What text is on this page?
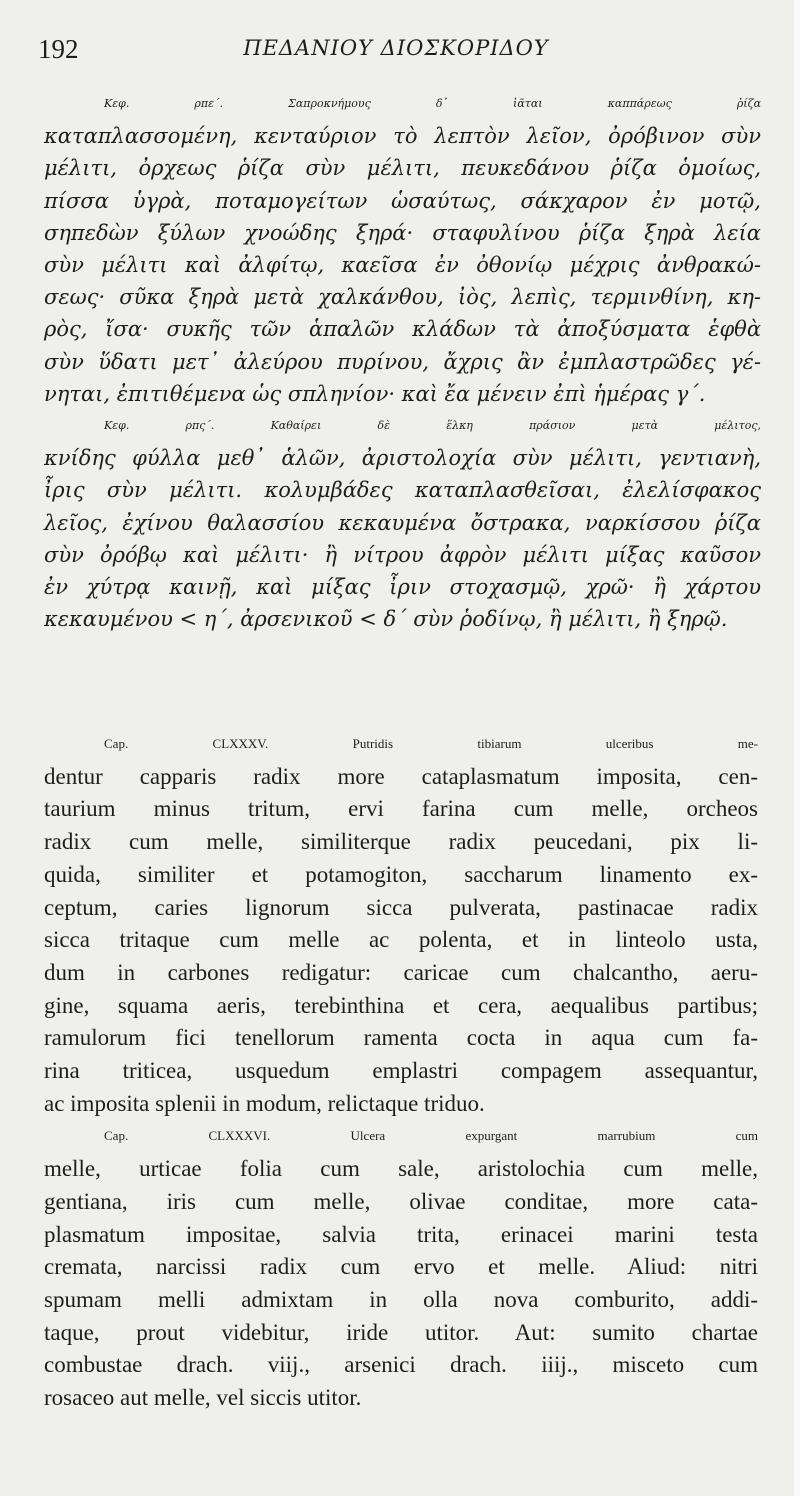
192	ΠΕΔΑΝΙΟΥ ΔΙΟΣΚΟΡΙΔΟΥ
Κεφ. ρπε΄. Σαπροκνήμους δ᾽ ἰᾶται καππάρεως ῥίζα
καταπλασσομένη, κενταύριον τὸ λεπτὸν λεῖον, ὀρόβινον σὺν
μέλιτι, ὀρχεως ῥίζα σὺν μέλιτι, πευκεδάνου ῥίζα ὁμοίως,
πίσσα ὑγρὰ, ποταμογείτων ὡσαύτως, σάκχαρον ἐν μοτῷ,
σηπεδὼν ξύλων χνοώδης ξηρά· σταφυλίνου ῥίζα ξηρὰ λεία
σὺν μέλιτι καὶ ἀλφίτῳ, καεῖσα ἐν ὀθονίῳ μέχρις ἀνθρακώ-
σεως· σῦκα ξηρὰ μετὰ χαλκάνθου, ἰὸς, λεπὶς, τερμινθίνη, κη-
ρὸς, ἴσα· συκῆς τῶν ἁπαλῶν κλάδων τὰ ἀποξύσματα ἑφθὰ
σὺν ὕδατι μετ᾽ ἀλεύρου πυρίνου, ἄχρις ἂν ἐμπλαστρῶδες γέ-
νηται, ἐπιτιθέμενα ὡς σπληνίον· καὶ ἔα μένειν ἐπὶ ἡμέρας γ΄.
Κεφ. ρπς΄. Καθαίρει δὲ ἕλκη πράσιον μετὰ μέλιτος,
κνίδης φύλλα μεθ᾽ ἁλῶν, ἀριστολοχία σὺν μέλιτι, γεντιανὴ,
ἶρις σὺν μέλιτι. κολυμβάδες καταπλασθεῖσαι, ἐλελίσφακος
λεῖος, ἐχίνου θαλασσίου κεκαυμένα ὄστρακα, ναρκίσσου ῥίζα
σὺν ὀρόβῳ καὶ μέλιτι· ἢ νίτρου ἀφρὸν μέλιτι μίξας καῦσον
ἐν χύτρᾳ καινῇ, καὶ μίξας ἶριν στοχασμῷ, χρῶ· ἢ χάρτου
κεκαυμένου < η΄, ἀρσενικοῦ < δ΄ σὺν ῥοδίνῳ, ἢ μέλιτι, ἢ ξηρῷ.
Cap. CLXXXV. Putridis tibiarum ulceribus me-
dentur capparis radix more cataplasmatum imposita, cen-
taurium minus tritum, ervi farina cum melle, orcheos
radix cum melle, similiterque radix peucedani, pix li-
quida, similiter et potamogiton, saccharum linamento ex-
ceptum, caries lignorum sicca pulverata, pastinacae radix
sicca tritaque cum melle ac polenta, et in linteolo usta,
dum in carbones redigatur: caricae cum chalcantho, aeru-
gine, squama aeris, terebinthina et cera, aequalibus partibus;
ramulorum fici tenellorum ramenta cocta in aqua cum fa-
rina triticea, usquedum emplastri compagem assequantur,
ac imposita splenii in modum, relictaque triduo.
Cap. CLXXXVI. Ulcera expurgant marrubium cum
melle, urticae folia cum sale, aristolochia cum melle,
gentiana, iris cum melle, olivae conditae, more cata-
plasmatum impositae, salvia trita, erinacei marini testa
cremata, narcissi radix cum ervo et melle. Aliud: nitri
spumam melli admixtam in olla nova comburito, addi-
taque, prout videbitur, iride utitor. Aut: sumito chartae
combustae drach. viij., arsenici drach. iiij., misceto cum
rosaceo aut melle, vel siccis utitor.
